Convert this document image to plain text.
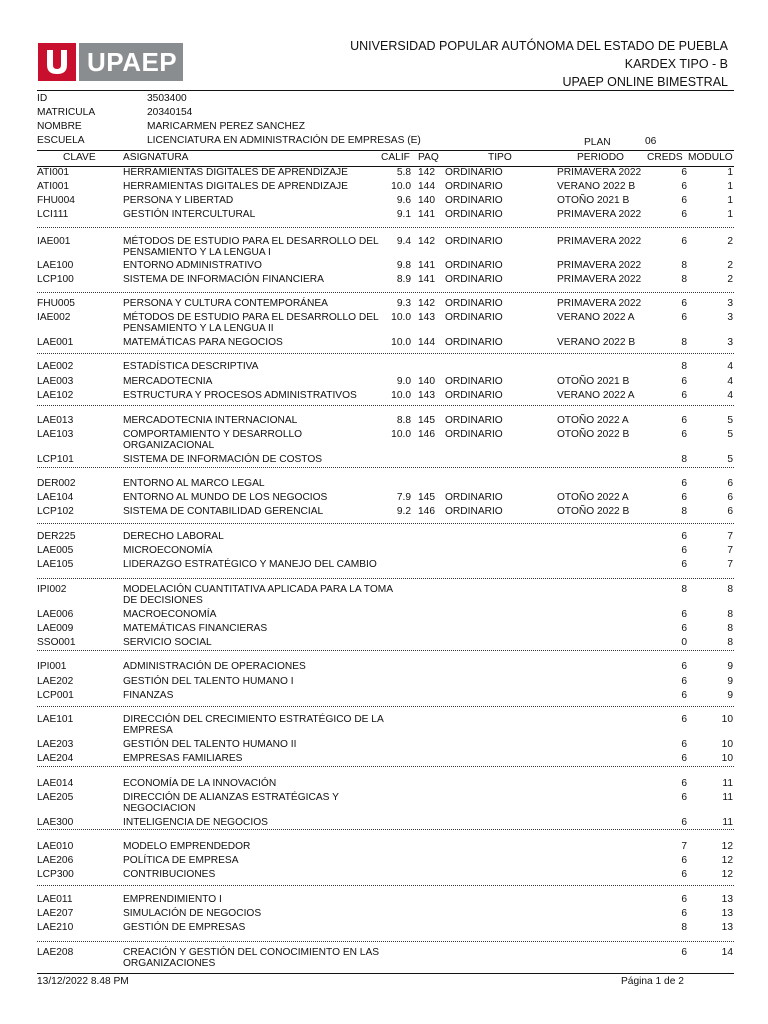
UPAEP
UNIVERSIDAD POPULAR AUTÓNOMA DEL ESTADO DE PUEBLA
KARDEX TIPO - B
UPAEP ONLINE BIMESTRAL
ID	3503400
MATRICULA	20340154
NOMBRE	MARICARMEN PEREZ SANCHEZ
ESCUELA	LICENCIATURA EN ADMINISTRACIÓN DE EMPRESAS (E)	PLAN	06
CLAVE	ASIGNATURA	CALIF PAQ	TIPO	PERIODO CREDS MODULO
ATI001	HERRAMIENTAS DIGITALES DE APRENDIZAJE	5.8 142 ORDINARIO	PRIMAVERA 2022	6	1
ATI001	HERRAMIENTAS DIGITALES DE APRENDIZAJE	10.0 144 ORDINARIO	VERANO 2022 B	6	1
FHU004	PERSONA Y LIBERTAD	9.6 140 ORDINARIO	OTOÑO 2021 B	6	1
LCI111	GESTIÓN INTERCULTURAL	9.1 141 ORDINARIO	PRIMAVERA 2022	6	1
IAE001	MÉTODOS DE ESTUDIO PARA EL DESARROLLO DEL PENSAMIENTO Y LA LENGUA I
9.4 142 ORDINARIO	PRIMAVERA 2022	6	2
LAE100	ENTORNO ADMINISTRATIVO	9.8 141 ORDINARIO	PRIMAVERA 2022	8	2
LCP100	SISTEMA DE INFORMACIÓN FINANCIERA	8.9 141 ORDINARIO	PRIMAVERA 2022	8	2
FHU005	PERSONA Y CULTURA CONTEMPORÁNEA	9.3 142 ORDINARIO	PRIMAVERA 2022	6	3
IAE002	MÉTODOS DE ESTUDIO PARA EL DESARROLLO DEL PENSAMIENTO Y LA LENGUA II
10.0 143 ORDINARIO	VERANO 2022 A	6	3
LAE001	MATEMÁTICAS PARA NEGOCIOS	10.0 144 ORDINARIO	VERANO 2022 B	8	3
LAE002	ESTADÍSTICA DESCRIPTIVA	8	4
LAE003	MERCADOTECNIA	9.0 140 ORDINARIO	OTOÑO 2021 B	6	4
LAE102	ESTRUCTURA Y PROCESOS ADMINISTRATIVOS	10.0 143 ORDINARIO	VERANO 2022 A	6	4
LAE013	MERCADOTECNIA INTERNACIONAL	8.8 145 ORDINARIO	OTOÑO 2022 A	6	5
LAE103	COMPORTAMIENTO Y DESARROLLO ORGANIZACIONAL
10.0 146 ORDINARIO	OTOÑO 2022 B	6	5
LCP101	SISTEMA DE INFORMACIÓN DE COSTOS	8	5
DER002	ENTORNO AL MARCO LEGAL	6	6
LAE104	ENTORNO AL MUNDO DE LOS NEGOCIOS	7.9 145 ORDINARIO	OTOÑO 2022 A	6	6
LCP102	SISTEMA DE CONTABILIDAD GERENCIAL	9.2 146 ORDINARIO	OTOÑO 2022 B	8	6
DER225	DERECHO LABORAL	6	7
LAE005	MICROECONOMÍA	6	7
LAE105	LIDERAZGO ESTRATÉGICO Y MANEJO DEL CAMBIO	6	7
IPI002	MODELACIÓN CUANTITATIVA APLICADA PARA LA TOMA DE DECISIONES
8	8
LAE006	MACROECONOMÍA	6	8
LAE009	MATEMÁTICAS FINANCIERAS	6	8
SSO001	SERVICIO SOCIAL	0	8
IPI001	ADMINISTRACIÓN DE OPERACIONES	6	9
LAE202	GESTIÓN DEL TALENTO HUMANO I	6	9
LCP001	FINANZAS	6	9
LAE101	DIRECCIÓN DEL CRECIMIENTO ESTRATÉGICO DE LA EMPRESA
6	10
LAE203	GESTIÓN DEL TALENTO HUMANO II	6	10
LAE204	EMPRESAS FAMILIARES	6	10
LAE014	ECONOMÍA DE LA INNOVACIÓN	6	11
LAE205	DIRECCIÓN DE ALIANZAS ESTRATÉGICAS Y NEGOCIACION
6	11
LAE300	INTELIGENCIA DE NEGOCIOS	6	11
LAE010	MODELO EMPRENDEDOR	7	12
LAE206	POLÍTICA DE EMPRESA	6	12
LCP300	CONTRIBUCIONES	6	12
LAE011	EMPRENDIMIENTO I	6	13
LAE207	SIMULACIÓN DE NEGOCIOS	6	13
LAE210	GESTIÓN DE EMPRESAS	8	13
LAE208	CREACIÓN Y GESTIÓN DEL CONOCIMIENTO EN LAS ORGANIZACIONES
6	14
13/12/2022 8.48 PM	Página 1 de 2
